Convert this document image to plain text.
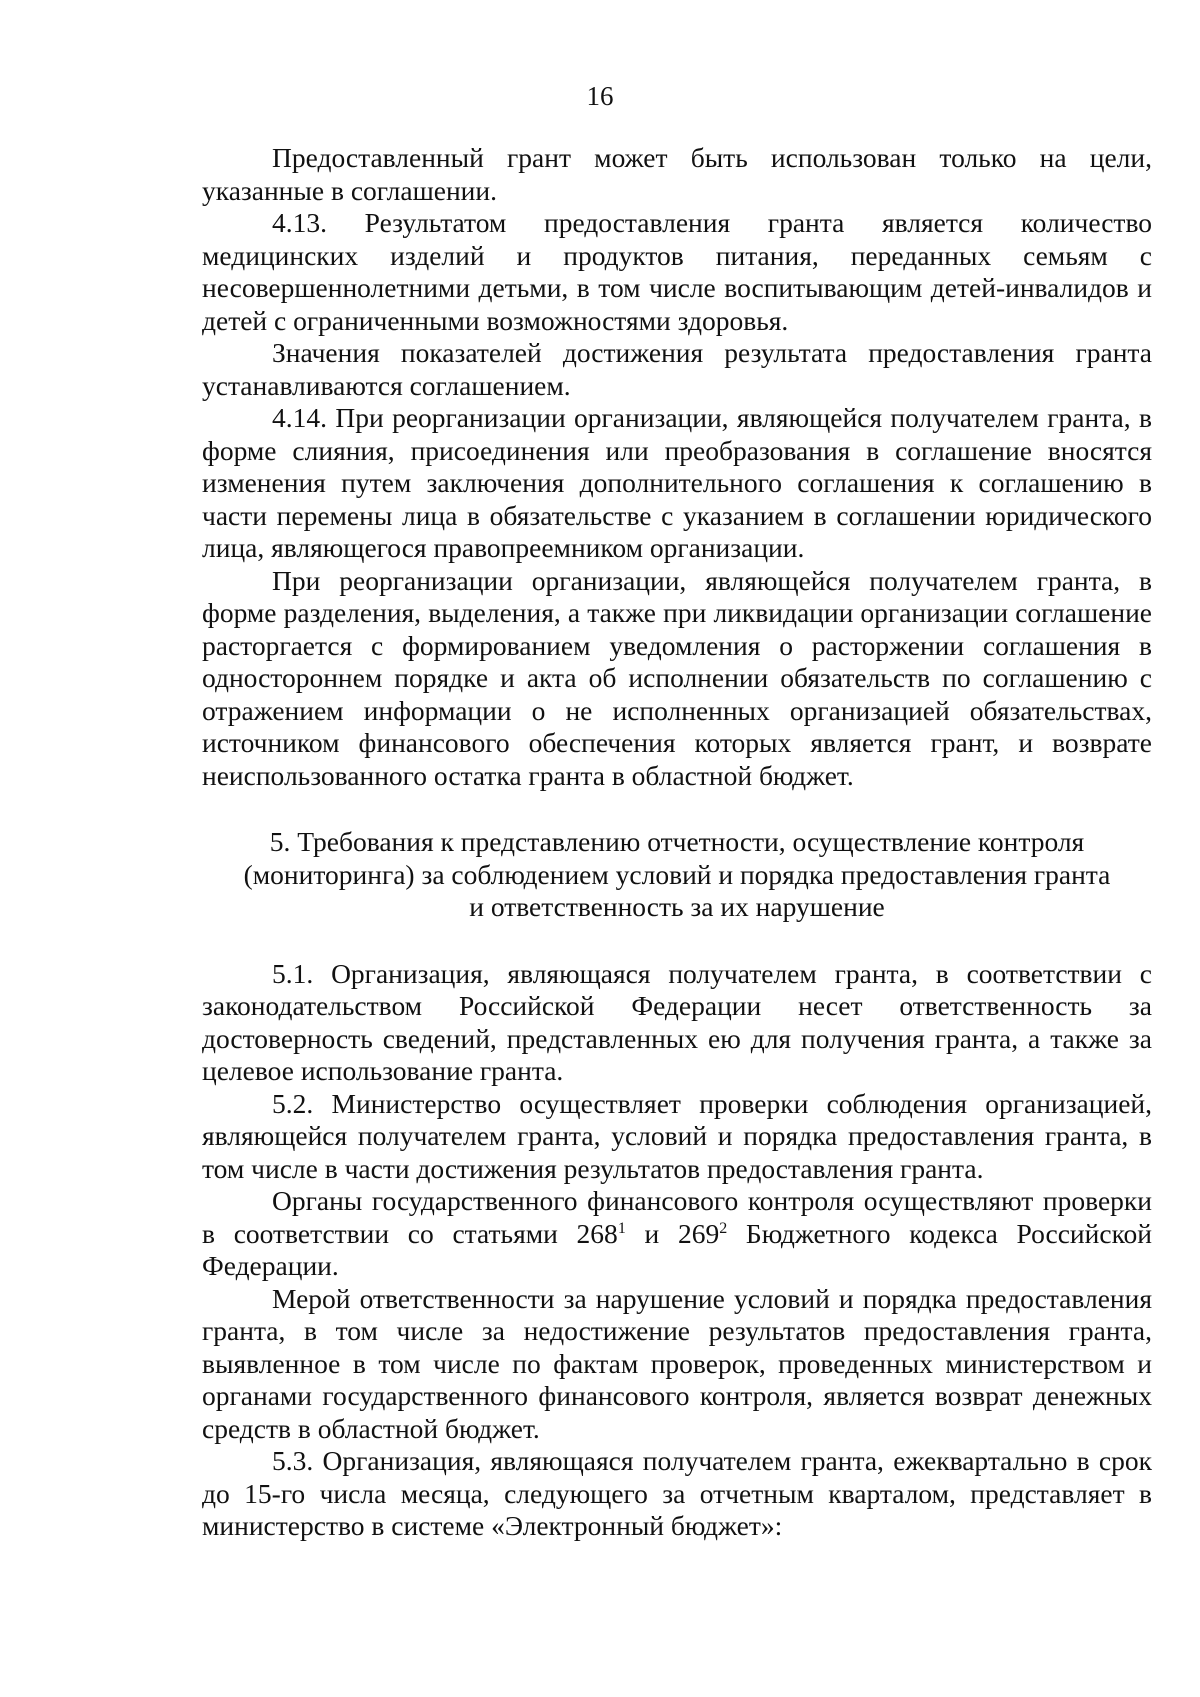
16

Предоставленный грант может быть использован только на цели, указанные в соглашении.

4.13. Результатом предоставления гранта является количество медицинских изделий и продуктов питания, переданных семьям с несовершеннолетними детьми, в том числе воспитывающим детей-инвалидов и детей с ограниченными возможностями здоровья.

Значения показателей достижения результата предоставления гранта устанавливаются соглашением.

4.14. При реорганизации организации, являющейся получателем гранта, в форме слияния, присоединения или преобразования в соглашение вносятся изменения путем заключения дополнительного соглашения к соглашению в части перемены лица в обязательстве с указанием в соглашении юридического лица, являющегося правопреемником организации.

При реорганизации организации, являющейся получателем гранта, в форме разделения, выделения, а также при ликвидации организации соглашение расторгается с формированием уведомления о расторжении соглашения в одностороннем порядке и акта об исполнении обязательств по соглашению с отражением информации о не исполненных организацией обязательствах, источником финансового обеспечения которых является грант, и возврате неиспользованного остатка гранта в областной бюджет.

5. Требования к представлению отчетности, осуществление контроля
(мониторинга) за соблюдением условий и порядка предоставления гранта
и ответственность за их нарушение

5.1. Организация, являющаяся получателем гранта, в соответствии с законодательством Российской Федерации несет ответственность за достоверность сведений, представленных ею для получения гранта, а также за целевое использование гранта.

5.2. Министерство осуществляет проверки соблюдения организацией, являющейся получателем гранта, условий и порядка предоставления гранта, в том числе в части достижения результатов предоставления гранта.

Органы государственного финансового контроля осуществляют проверки в соответствии со статьями $268^1$ и $269^2$ Бюджетного кодекса Российской Федерации.

Мерой ответственности за нарушение условий и порядка предоставления гранта, в том числе за недостижение результатов предоставления гранта, выявленное в том числе по фактам проверок, проведенных министерством и органами государственного финансового контроля, является возврат денежных средств в областной бюджет.

5.3. Организация, являющаяся получателем гранта, ежеквартально в срок до 15-го числа месяца, следующего за отчетным кварталом, представляет в министерство в системе «Электронный бюджет»:
